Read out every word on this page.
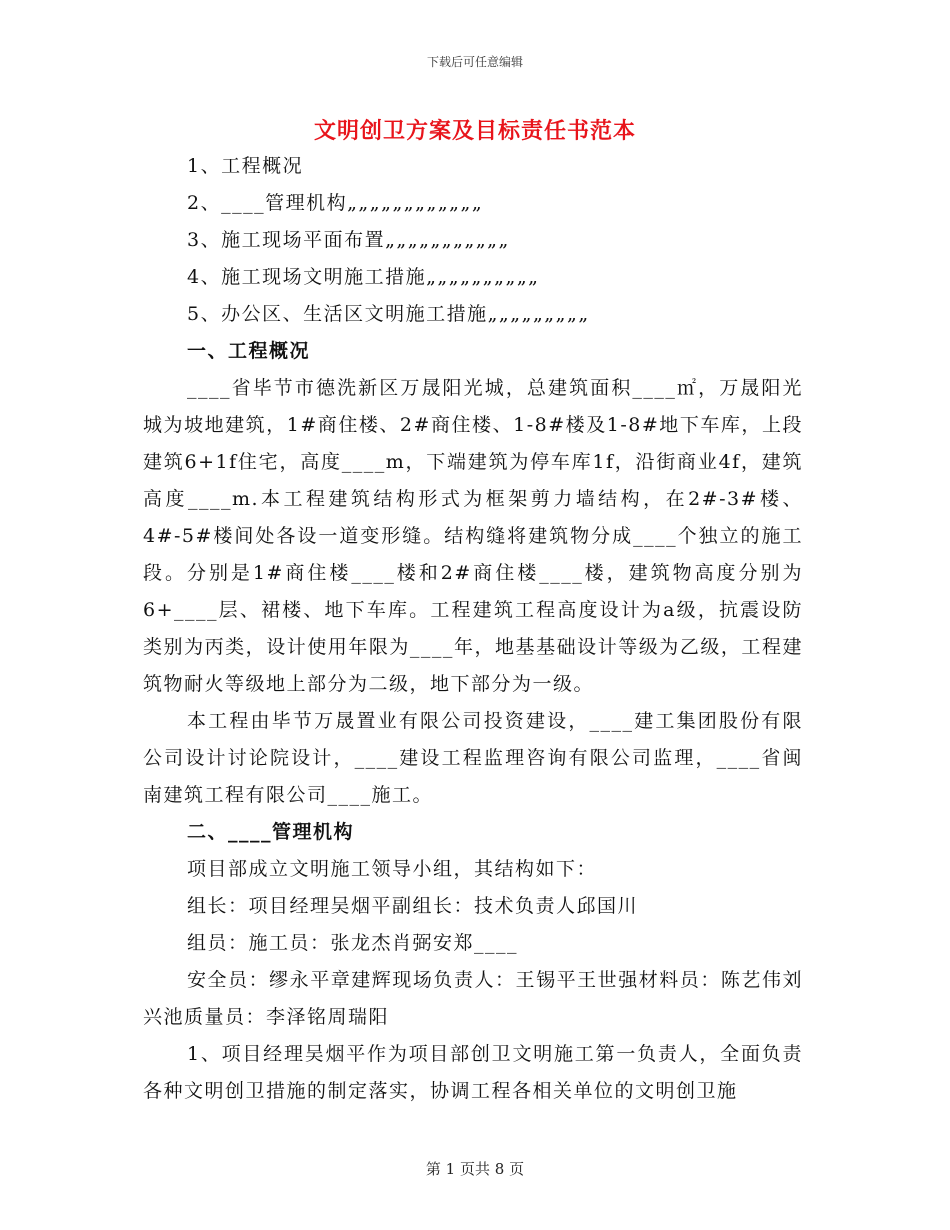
下载后可任意编辑
文明创卫方案及目标责任书范本

1、工程概况

2、____管理机构„„„„„„„„„„„„

3、施工现场平面布置„„„„„„„„„„„

4、施工现场文明施工措施„„„„„„„„„„

5、办公区、生活区文明施工措施„„„„„„„„„

一、工程概况

____省毕节市德洗新区万晟阳光城，总建筑面积____㎡，万晟阳光城为坡地建筑，1#商住楼、2#商住楼、1-8#楼及1-8#地下车库，上段建筑6+1f住宅，高度____m，下端建筑为停车库1f，沿街商业4f，建筑高度____m.本工程建筑结构形式为框架剪力墙结构，在2#-3#楼、4#-5#楼间处各设一道变形缝。结构缝将建筑物分成____个独立的施工段。分别是1#商住楼____楼和2#商住楼____楼，建筑物高度分别为6+____层、裙楼、地下车库。工程建筑工程高度设计为a级，抗震设防类别为丙类，设计使用年限为____年，地基基础设计等级为乙级，工程建筑物耐火等级地上部分为二级，地下部分为一级。

本工程由毕节万晟置业有限公司投资建设，____建工集团股份有限公司设计讨论院设计，____建设工程监理咨询有限公司监理，____省闽南建筑工程有限公司____施工。

二、____管理机构

项目部成立文明施工领导小组，其结构如下：

组长：项目经理吴烟平副组长：技术负责人邱国川

组员：施工员：张龙杰肖弼安郑____

安全员：缪永平章建辉现场负责人：王锡平王世强材料员：陈艺伟刘兴池质量员：李泽铭周瑞阳

1、项目经理吴烟平作为项目部创卫文明施工第一负责人，全面负责各种文明创卫措施的制定落实，协调工程各相关单位的文明创卫施

第 1 页共 8 页
